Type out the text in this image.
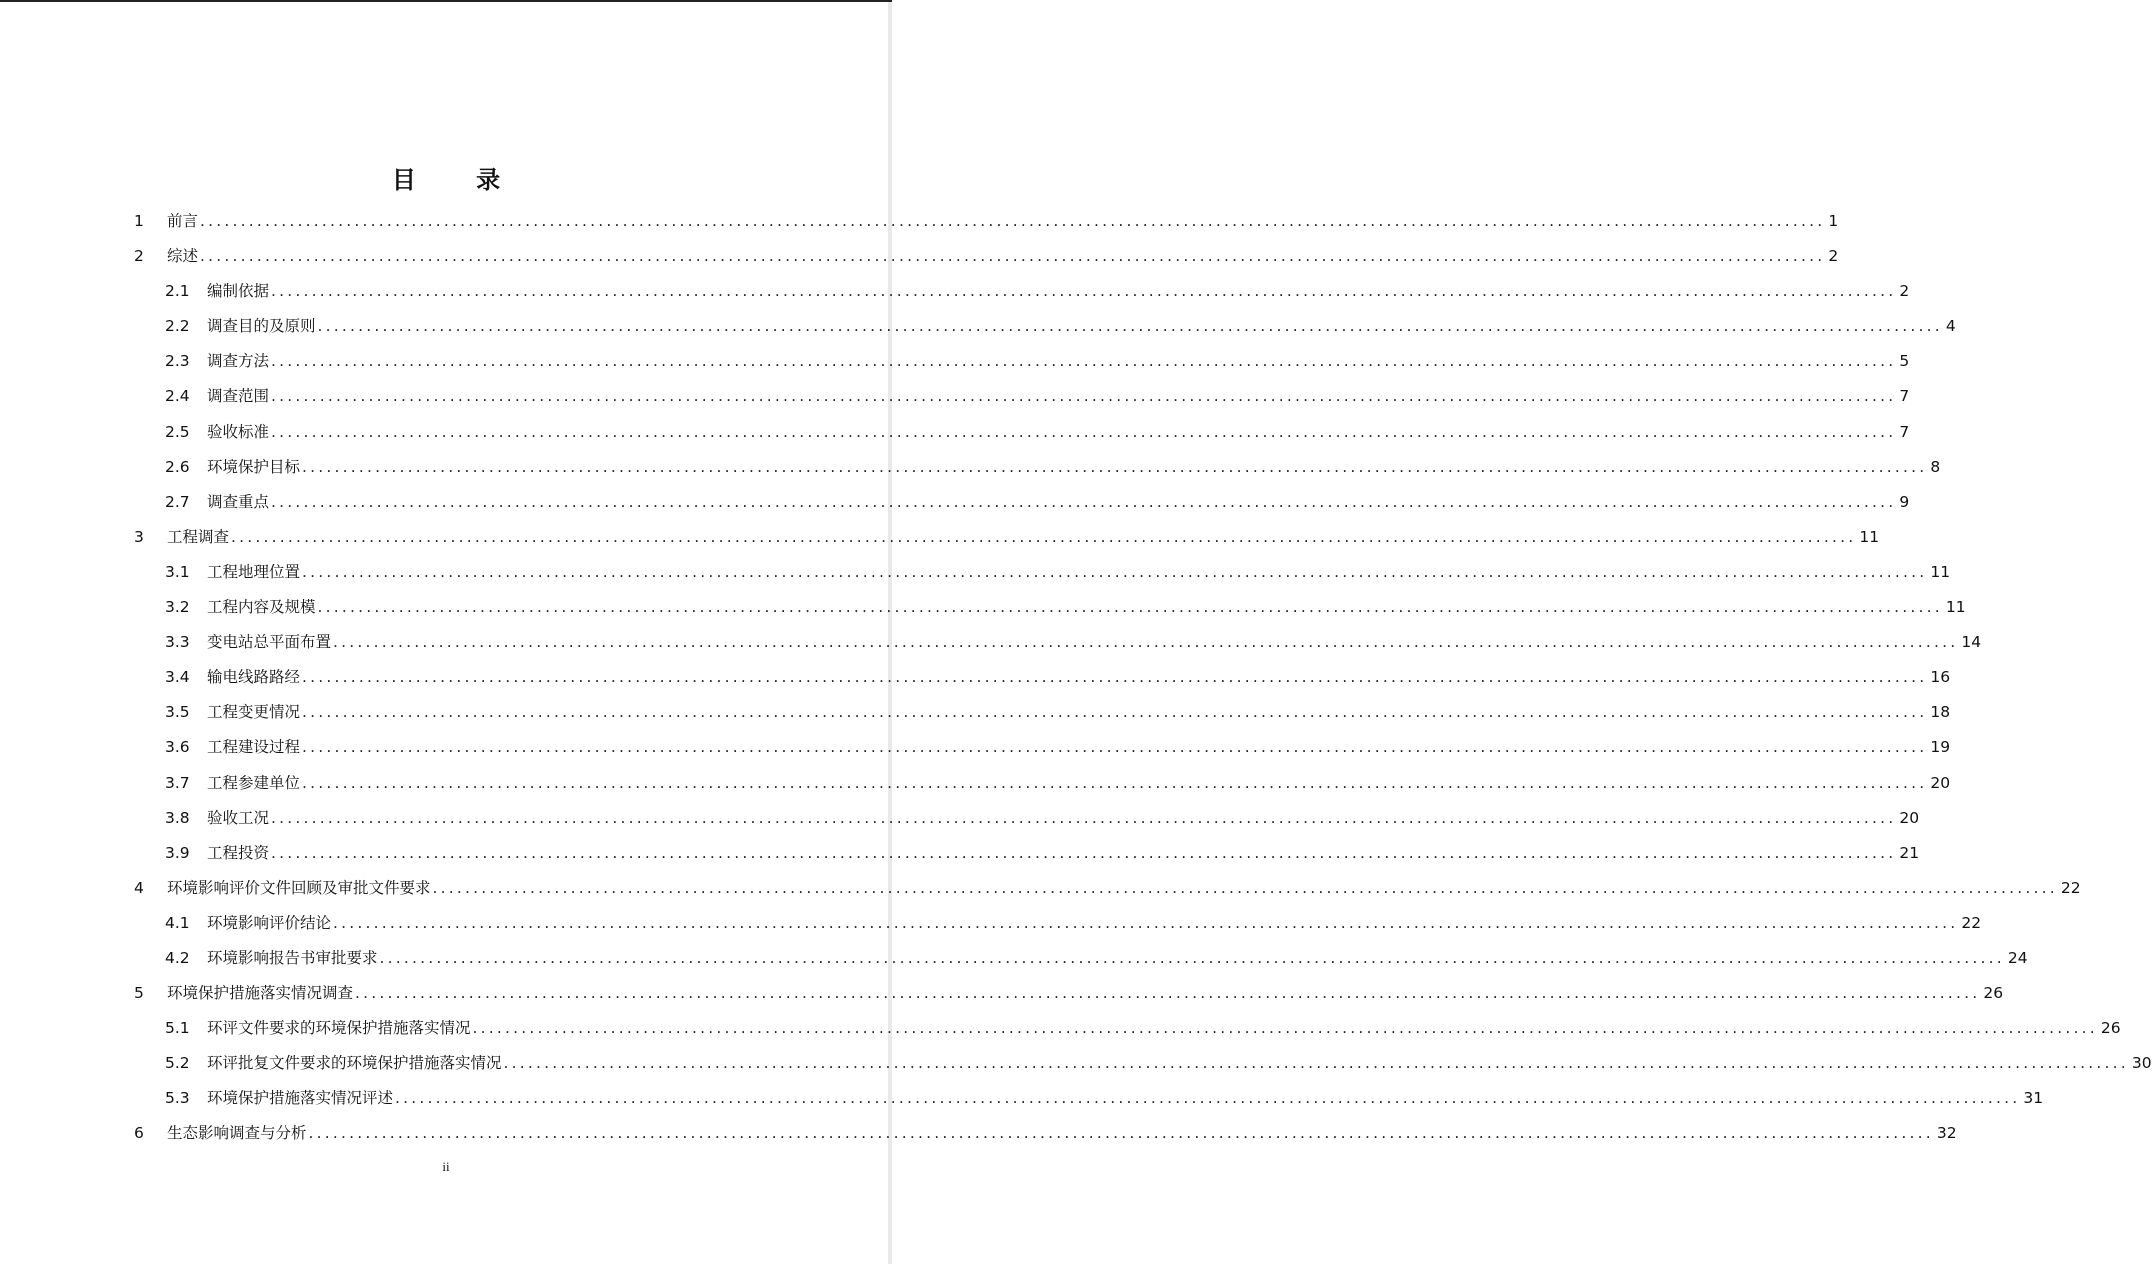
目 录
1	前言 ........................................................................................................................................................................................................ 1
2	综述 ........................................................................................................................................................................................................ 2
2.1	编制依据 ........................................................................................................................................................................................................ 2
2.2	调查目的及原则 ........................................................................................................................................................................................................ 4
2.3	调查方法 ........................................................................................................................................................................................................ 5
2.4	调查范围 ........................................................................................................................................................................................................ 7
2.5	验收标准 ........................................................................................................................................................................................................ 7
2.6	环境保护目标 ........................................................................................................................................................................................................ 8
2.7	调查重点 ........................................................................................................................................................................................................ 9
3	工程调查 ........................................................................................................................................................................................................ 11
3.1	工程地理位置 ........................................................................................................................................................................................................ 11
3.2	工程内容及规模 ........................................................................................................................................................................................................ 11
3.3	变电站总平面布置 ........................................................................................................................................................................................................ 14
3.4	输电线路路经 ........................................................................................................................................................................................................ 16
3.5	工程变更情况 ........................................................................................................................................................................................................ 18
3.6	工程建设过程 ........................................................................................................................................................................................................ 19
3.7	工程参建单位 ........................................................................................................................................................................................................ 20
3.8	验收工况 ........................................................................................................................................................................................................ 20
3.9	工程投资 ........................................................................................................................................................................................................ 21
4	环境影响评价文件回顾及审批文件要求 ........................................................................................................................................................................................................ 22
4.1	环境影响评价结论 ........................................................................................................................................................................................................ 22
4.2	环境影响报告书审批要求 ........................................................................................................................................................................................................ 24
5	环境保护措施落实情况调查 ........................................................................................................................................................................................................ 26
5.1	环评文件要求的环境保护措施落实情况 ........................................................................................................................................................................................................ 26
5.2	环评批复文件要求的环境保护措施落实情况 ........................................................................................................................................................................................................ 30
5.3	环境保护措施落实情况评述 ........................................................................................................................................................................................................ 31
6	生态影响调查与分析 ........................................................................................................................................................................................................ 32
ii
